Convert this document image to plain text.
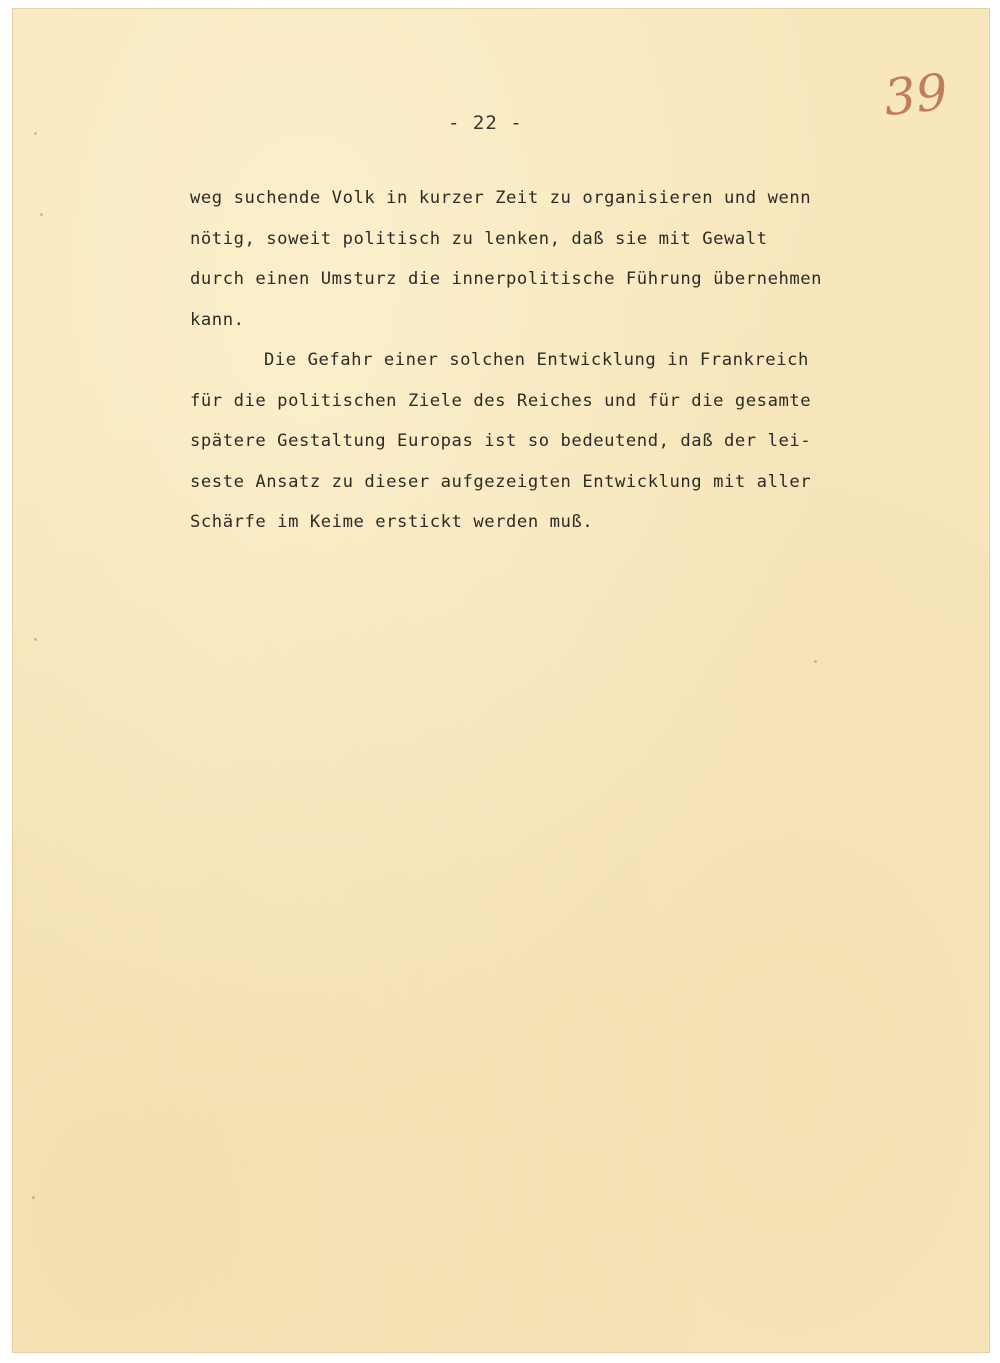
- 22 -	39
weg suchende Volk in kurzer Zeit zu organisieren und wenn
nötig, soweit politisch zu lenken, daß sie mit Gewalt
durch einen Umsturz die innerpolitische Führung übernehmen
kann.
Die Gefahr einer solchen Entwicklung in Frankreich
für die politischen Ziele des Reiches und für die gesamte
spätere Gestaltung Europas ist so bedeutend, daß der lei-
seste Ansatz zu dieser aufgezeigten Entwicklung mit aller
Schärfe im Keime erstickt werden muß.
